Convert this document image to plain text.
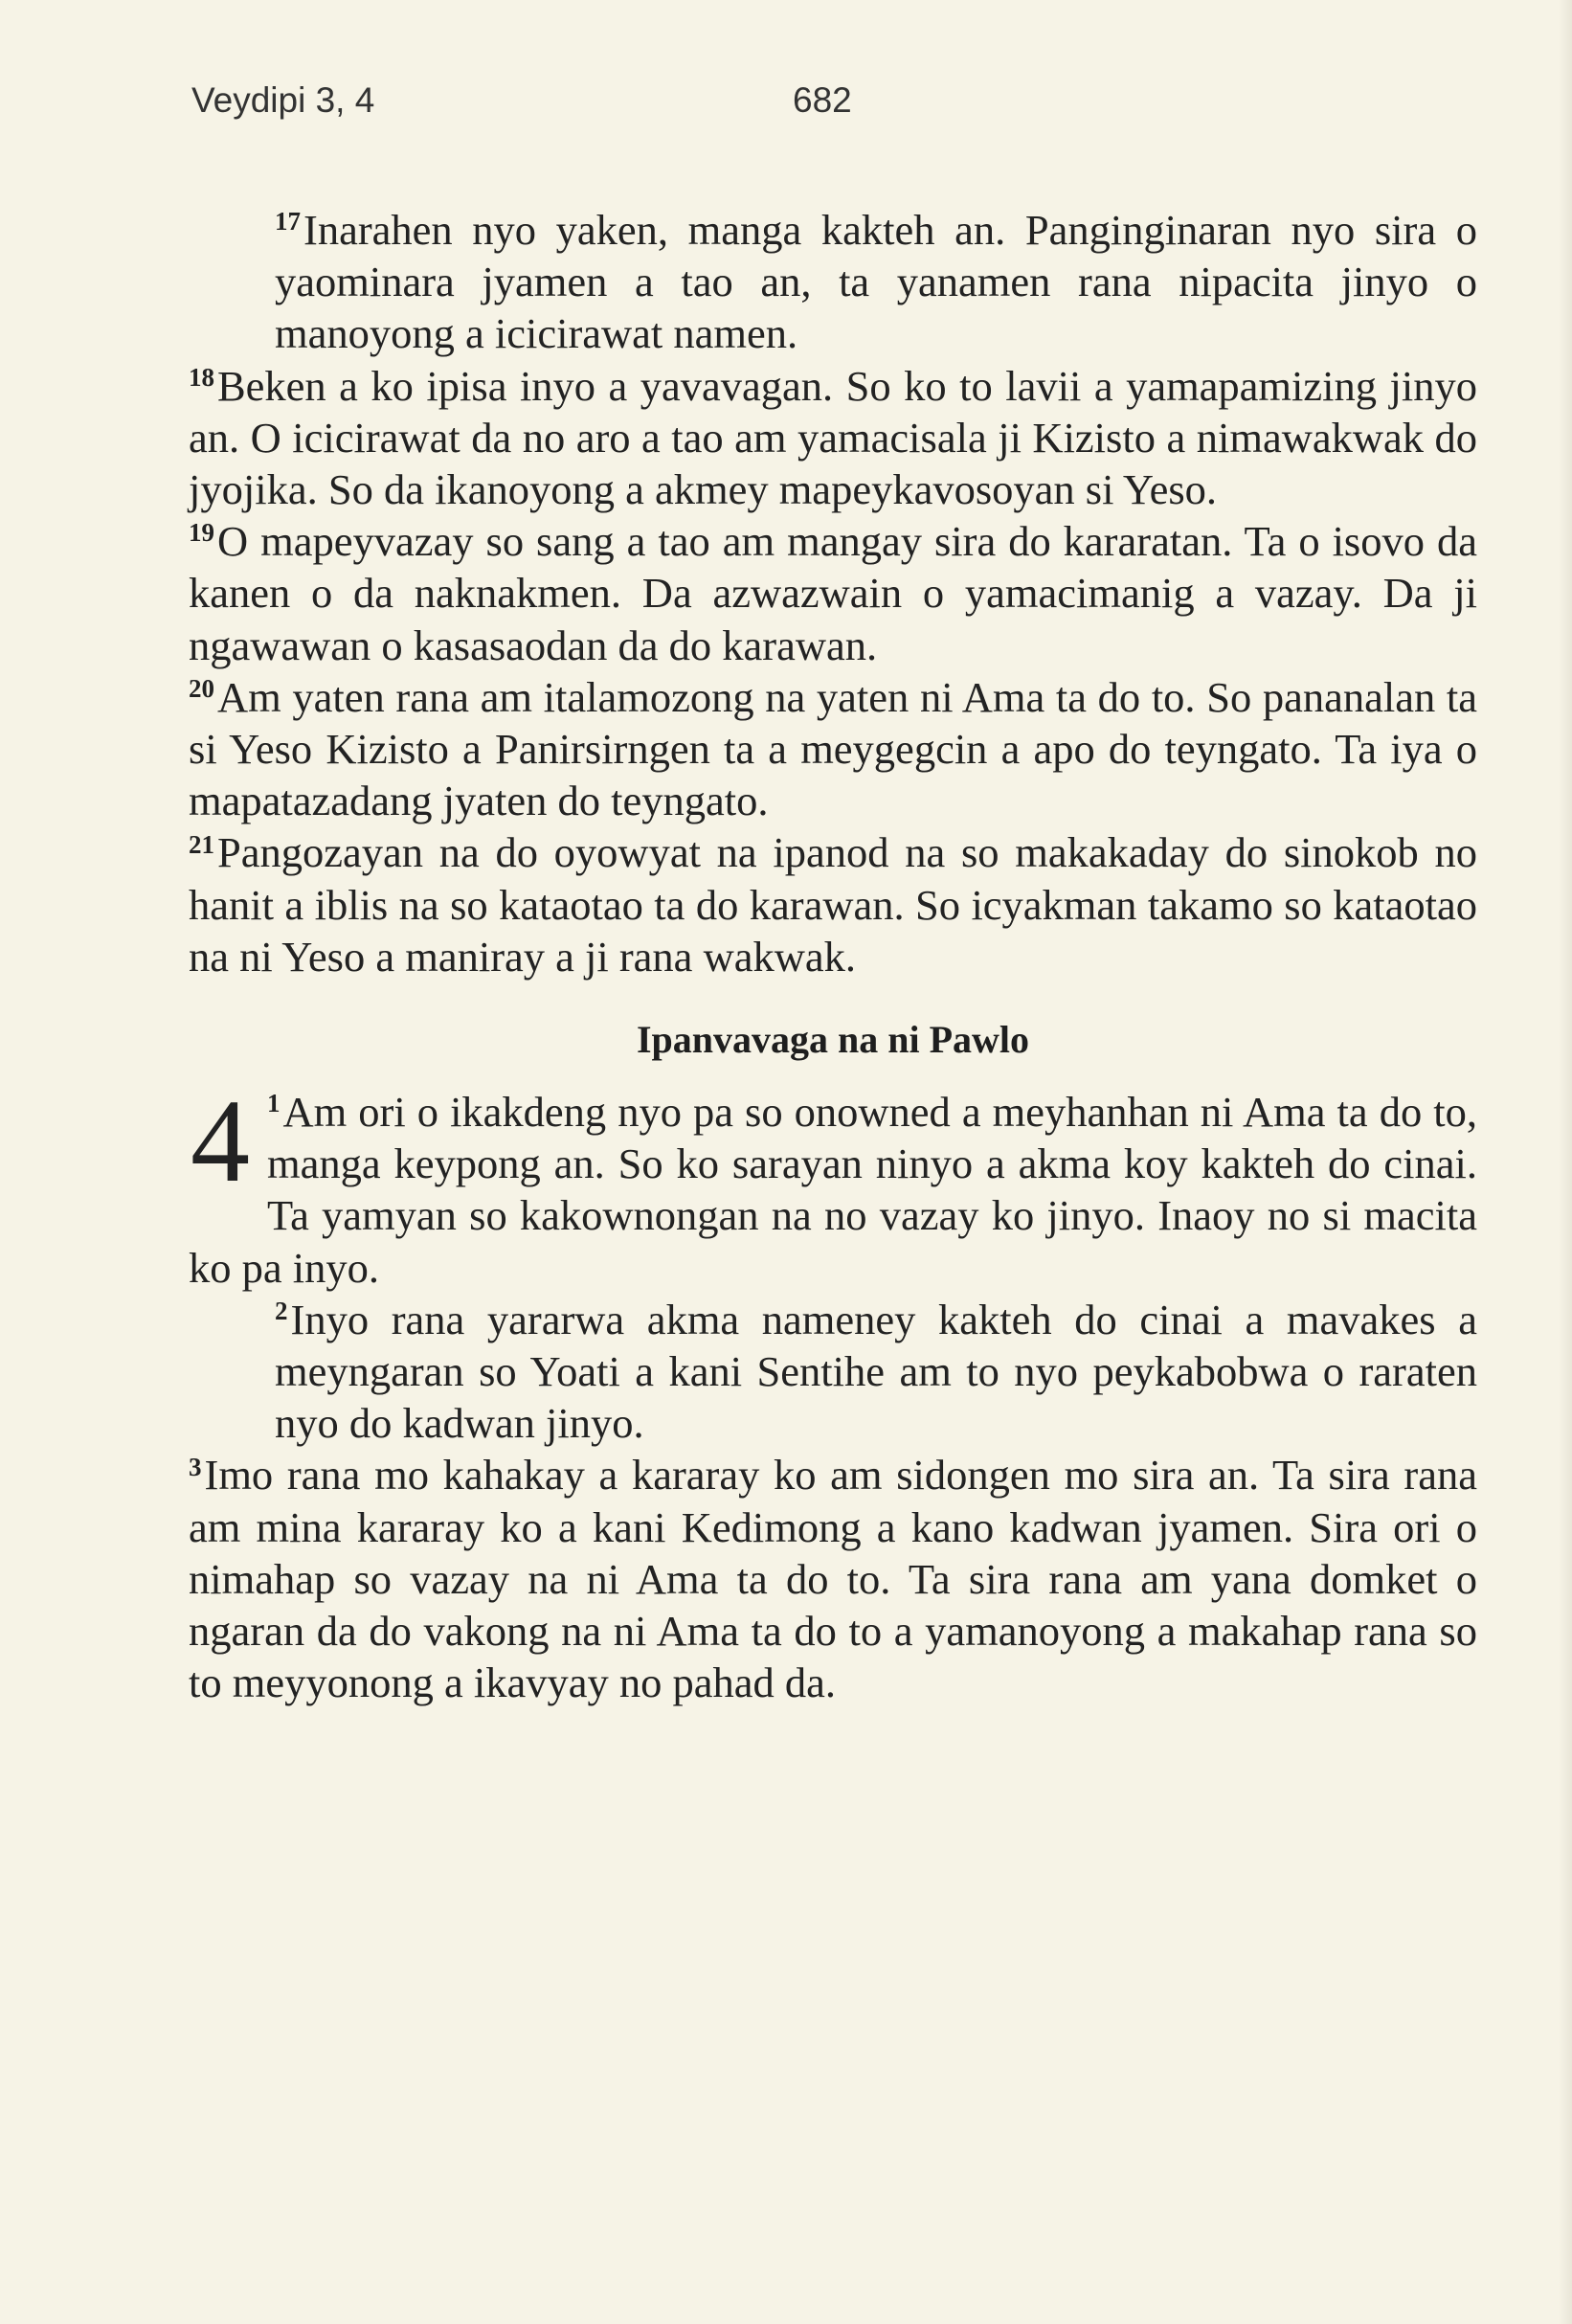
Veydipi 3, 4	682

$^{17}$Inarahen nyo yaken, manga kakteh an. Panginginaran nyo sira o yaominara jyamen a tao an, ta yanamen rana nipacita jinyo o manoyong a icicirawat namen.

$^{18}$Beken a ko ipisa inyo a yavavagan. So ko to lavii a yamapamizing jinyo an. O icicirawat da no aro a tao am yamacisala ji Kizisto a nimawakwak do jyojika. So da ikanoyong a akmey mapeykavosoyan si Yeso.

$^{19}$O mapeyvazay so sang a tao am mangay sira do kararatan. Ta o isovo da kanen o da naknakmen. Da azwazwain o yamacimanig a vazay. Da ji ngawawan o kasasaodan da do karawan.

$^{20}$Am yaten rana am italamozong na yaten ni Ama ta do to. So pananalan ta si Yeso Kizisto a Panirsirngen ta a meygegcin a apo do teyngato. Ta iya o mapatazadang jyaten do teyngato.

$^{21}$Pangozayan na do oyowyat na ipanod na so makakaday do sinokob no hanit a iblis na so kataotao ta do karawan. So icyakman takamo so kataotao na ni Yeso a maniray a ji rana wakwak.

Ipanvavaga na ni Pawlo

4 $^1$Am ori o ikakdeng nyo pa so onowned a meyhanhan ni Ama ta do to, manga keypong an. So ko sarayan ninyo a akma koy kakteh do cinai. Ta yamyan so kakownongan na no vazay ko jinyo. Inaoy no si macita ko pa inyo.

$^2$Inyo rana yararwa akma nameney kakteh do cinai a mavakes a meyngaran so Yoati a kani Sentihe am to nyo peykabobwa o raraten nyo do kadwan jinyo.

$^3$Imo rana mo kahakay a kararay ko am sidongen mo sira an. Ta sira rana am mina kararay ko a kani Kedimong a kano kadwan jyamen. Sira ori o nimahap so vazay na ni Ama ta do to. Ta sira rana am yana domket o ngaran da do vakong na ni Ama ta do to a yamanoyong a makahap rana so to meyyonong a ikavyay no pahad da.
